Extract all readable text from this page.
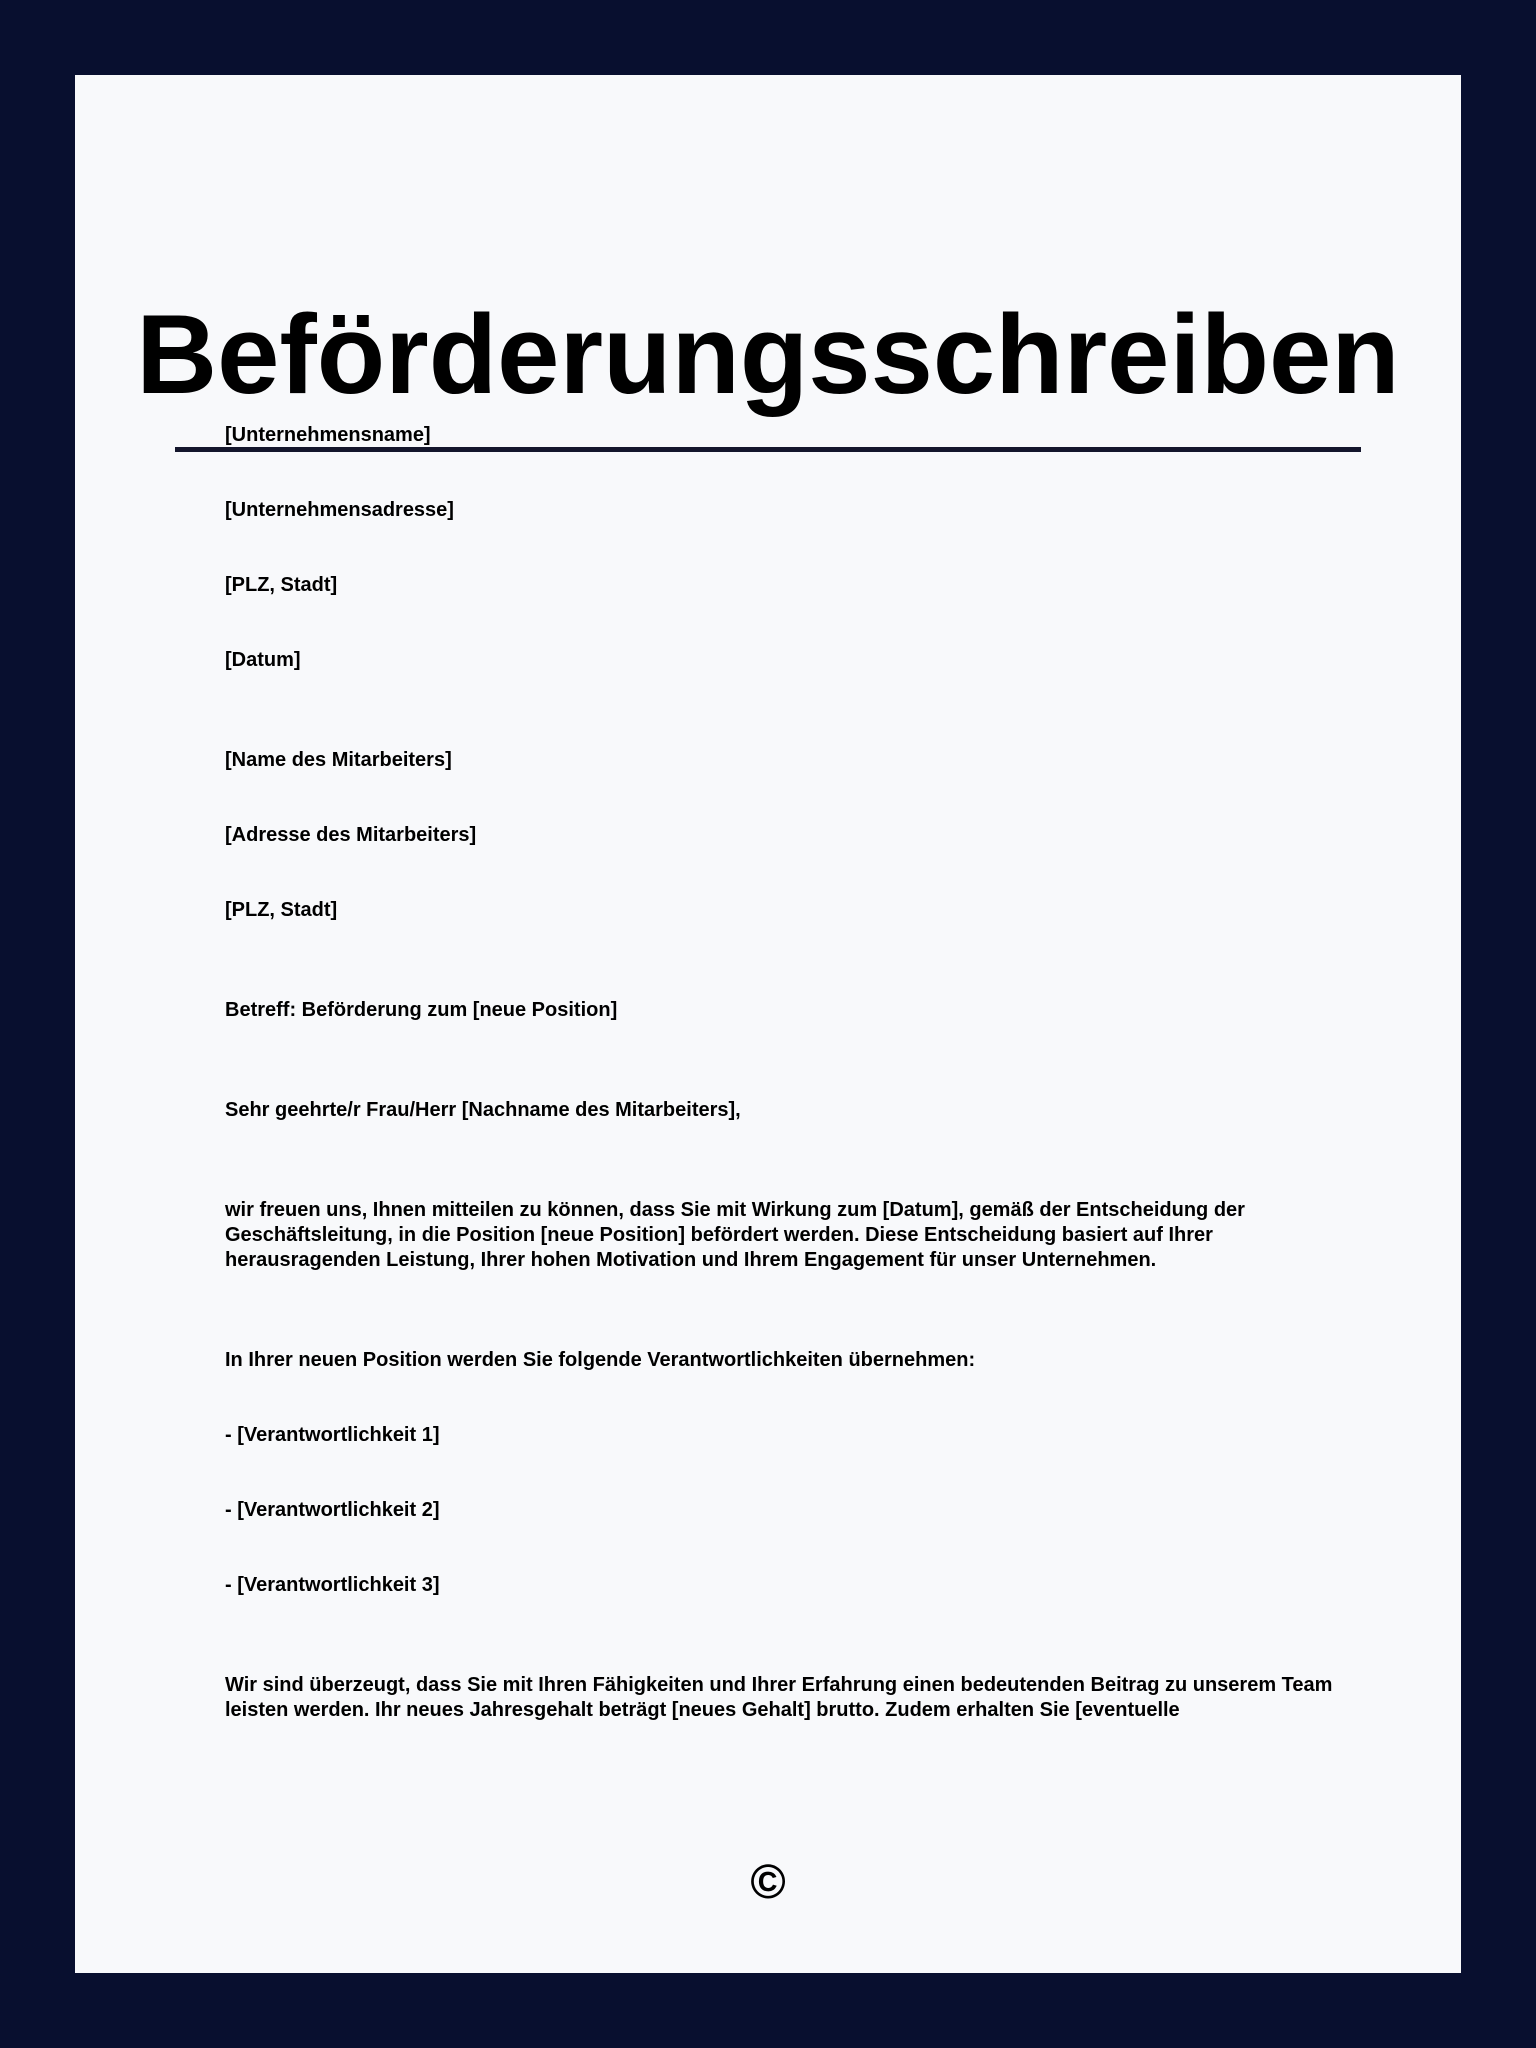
Beförderungsschreiben
[Unternehmensname]
[Unternehmensadresse]
[PLZ, Stadt]
[Datum]
[Name des Mitarbeiters]
[Adresse des Mitarbeiters]
[PLZ, Stadt]
Betreff: Beförderung zum [neue Position]
Sehr geehrte/r Frau/Herr [Nachname des Mitarbeiters],
wir freuen uns, Ihnen mitteilen zu können, dass Sie mit Wirkung zum [Datum], gemäß der Entscheidung der
Geschäftsleitung, in die Position [neue Position] befördert werden. Diese Entscheidung basiert auf Ihrer
herausragenden Leistung, Ihrer hohen Motivation und Ihrem Engagement für unser Unternehmen.
In Ihrer neuen Position werden Sie folgende Verantwortlichkeiten übernehmen:
- [Verantwortlichkeit 1]
- [Verantwortlichkeit 2]
- [Verantwortlichkeit 3]
Wir sind überzeugt, dass Sie mit Ihren Fähigkeiten und Ihrer Erfahrung einen bedeutenden Beitrag zu unserem Team
leisten werden. Ihr neues Jahresgehalt beträgt [neues Gehalt] brutto. Zudem erhalten Sie [eventuelle
©
